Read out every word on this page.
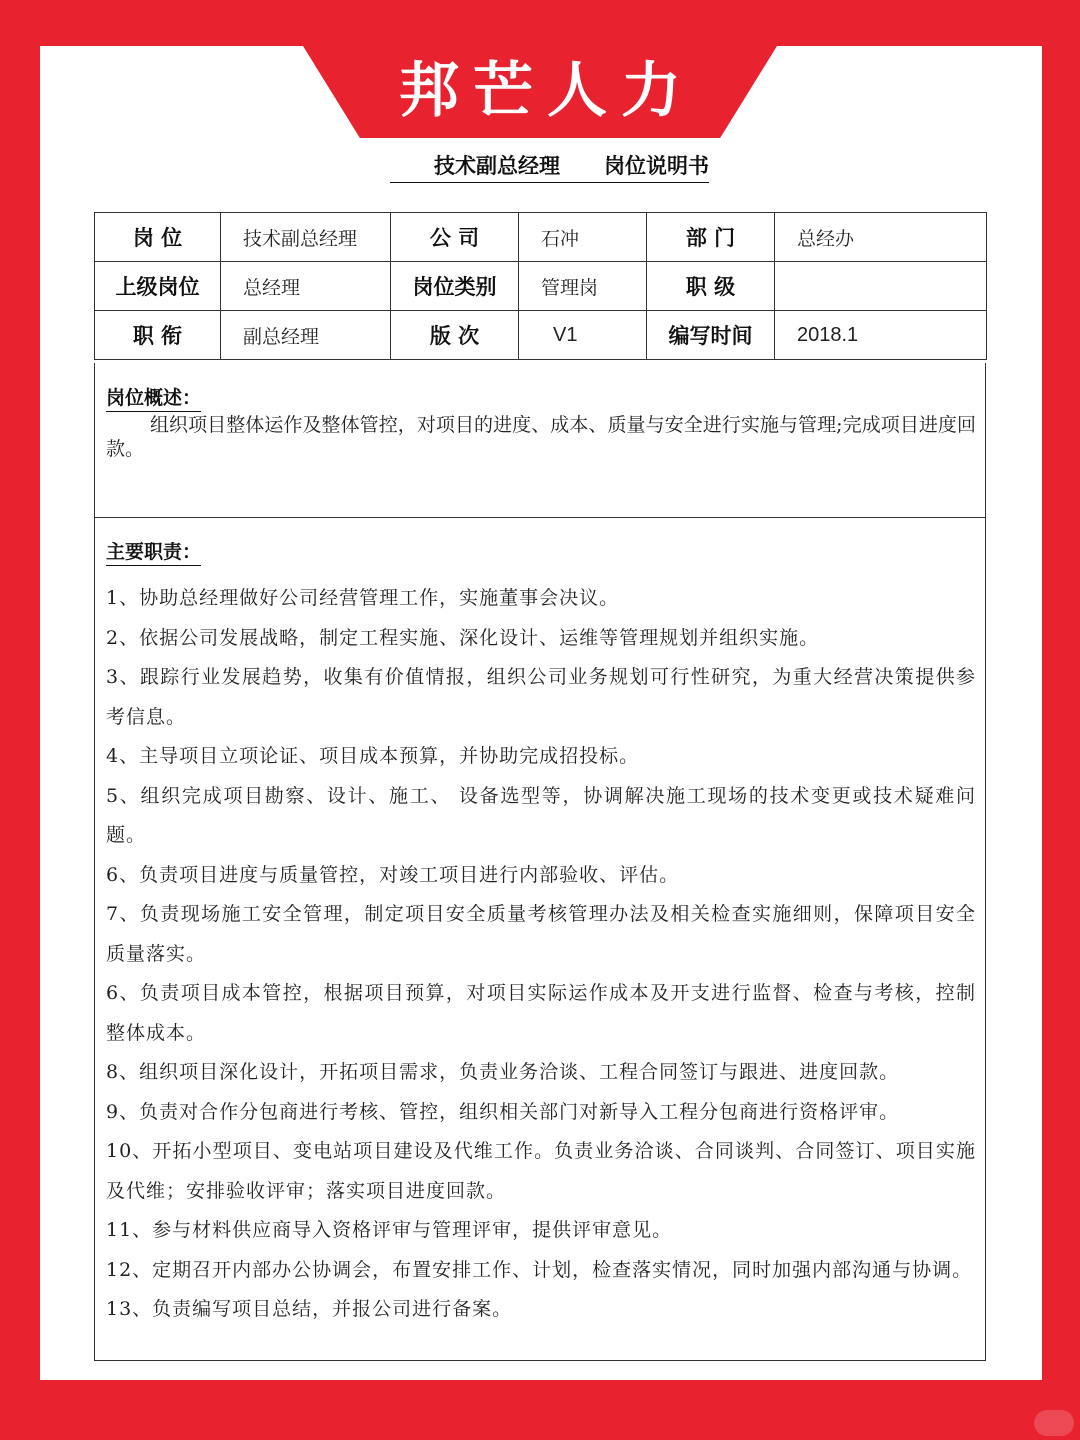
邦芒人力
技术副总经理 岗位说明书
岗 位	技术副总经理	公 司	石冲	部 门	总经办
上级岗位	总经理	岗位类别	管理岗	职 级	
职 衔	副总经理	版 次	V1	编写时间	2018.1
岗位概述：
组织项目整体运作及整体管控，对项目的进度、成本、质量与安全进行实施与管理;完成项目进度回款。
主要职责：
1、协助总经理做好公司经营管理工作，实施董事会决议。
2、依据公司发展战略，制定工程实施、深化设计、运维等管理规划并组织实施。
3、跟踪行业发展趋势，收集有价值情报，组织公司业务规划可行性研究，为重大经营决策提供参考信息。
4、主导项目立项论证、项目成本预算，并协助完成招投标。
5、组织完成项目勘察、设计、施工、 设备选型等，协调解决施工现场的技术变更或技术疑难问题。
6、负责项目进度与质量管控，对竣工项目进行内部验收、评估。
7、负责现场施工安全管理，制定项目安全质量考核管理办法及相关检查实施细则，保障项目安全质量落实。
6、负责项目成本管控，根据项目预算，对项目实际运作成本及开支进行监督、检查与考核，控制整体成本。
8、组织项目深化设计，开拓项目需求，负责业务洽谈、工程合同签订与跟进、进度回款。
9、负责对合作分包商进行考核、管控，组织相关部门对新导入工程分包商进行资格评审。
10、开拓小型项目、变电站项目建设及代维工作。负责业务洽谈、合同谈判、合同签订、项目实施及代维；安排验收评审；落实项目进度回款。
11、参与材料供应商导入资格评审与管理评审，提供评审意见。
12、定期召开内部办公协调会，布置安排工作、计划，检查落实情况，同时加强内部沟通与协调。
13、负责编写项目总结，并报公司进行备案。
